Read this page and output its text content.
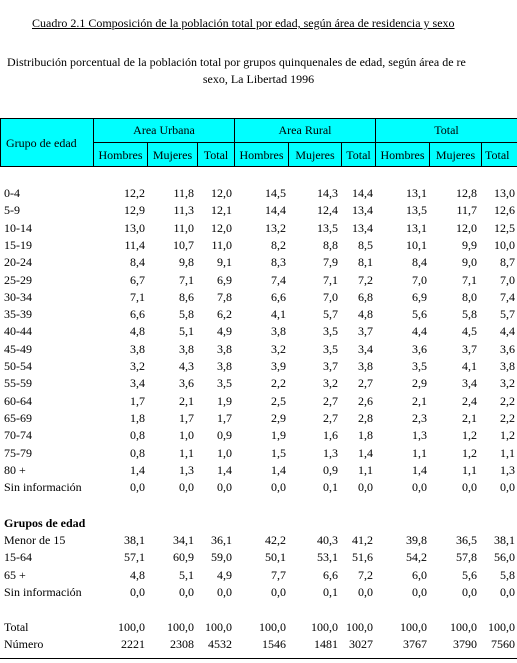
Cuadro 2.1 Composición de la población total por edad, según área de residencia y sexo
Distribución porcentual de la población total por grupos quinquenales de edad, según área de re
sexo, La Libertad 1996
Grupo de edad
Area Urbana	Area Rural	Total
Hombres Mujeres Total Hombres Mujeres Total Hombres Mujeres Total
0-4	12,2	11,8	12,0	14,5	14,3	14,4	13,1	12,8	13,0
5-9	12,9	11,3	12,1	14,4	12,4	13,4	13,5	11,7	12,6
10-14	13,0	11,0	12,0	13,2	13,5	13,4	13,1	12,0	12,5
15-19	11,4	10,7	11,0	8,2	8,8	8,5	10,1	9,9	10,0
20-24	8,4	9,8	9,1	8,3	7,9	8,1	8,4	9,0	8,7
25-29	6,7	7,1	6,9	7,4	7,1	7,2	7,0	7,1	7,0
30-34	7,1	8,6	7,8	6,6	7,0	6,8	6,9	8,0	7,4
35-39	6,6	5,8	6,2	4,1	5,7	4,8	5,6	5,8	5,7
40-44	4,8	5,1	4,9	3,8	3,5	3,7	4,4	4,5	4,4
45-49	3,8	3,8	3,8	3,2	3,5	3,4	3,6	3,7	3,6
50-54	3,2	4,3	3,8	3,9	3,7	3,8	3,5	4,1	3,8
55-59	3,4	3,6	3,5	2,2	3,2	2,7	2,9	3,4	3,2
60-64	1,7	2,1	1,9	2,5	2,7	2,6	2,1	2,4	2,2
65-69	1,8	1,7	1,7	2,9	2,7	2,8	2,3	2,1	2,2
70-74	0,8	1,0	0,9	1,9	1,6	1,8	1,3	1,2	1,2
75-79	0,8	1,1	1,0	1,5	1,3	1,4	1,1	1,2	1,1
80 +	1,4	1,3	1,4	1,4	0,9	1,1	1,4	1,1	1,3
Sin información	0,0	0,0	0,0	0,0	0,1	0,0	0,0	0,0	0,0
Grupos de edad
Menor de 15	38,1	34,1	36,1	42,2	40,3	41,2	39,8	36,5	38,1
15-64	57,1	60,9	59,0	50,1	53,1	51,6	54,2	57,8	56,0
65 +	4,8	5,1	4,9	7,7	6,6	7,2	6,0	5,6	5,8
Sin información	0,0	0,0	0,0	0,0	0,1	0,0	0,0	0,0	0,0
Total	100,0	100,0 100,0	100,0	100,0 100,0	100,0	100,0 100,0
Número	2221	2308	4532	1546	1481 3027	3767	3790	7560
